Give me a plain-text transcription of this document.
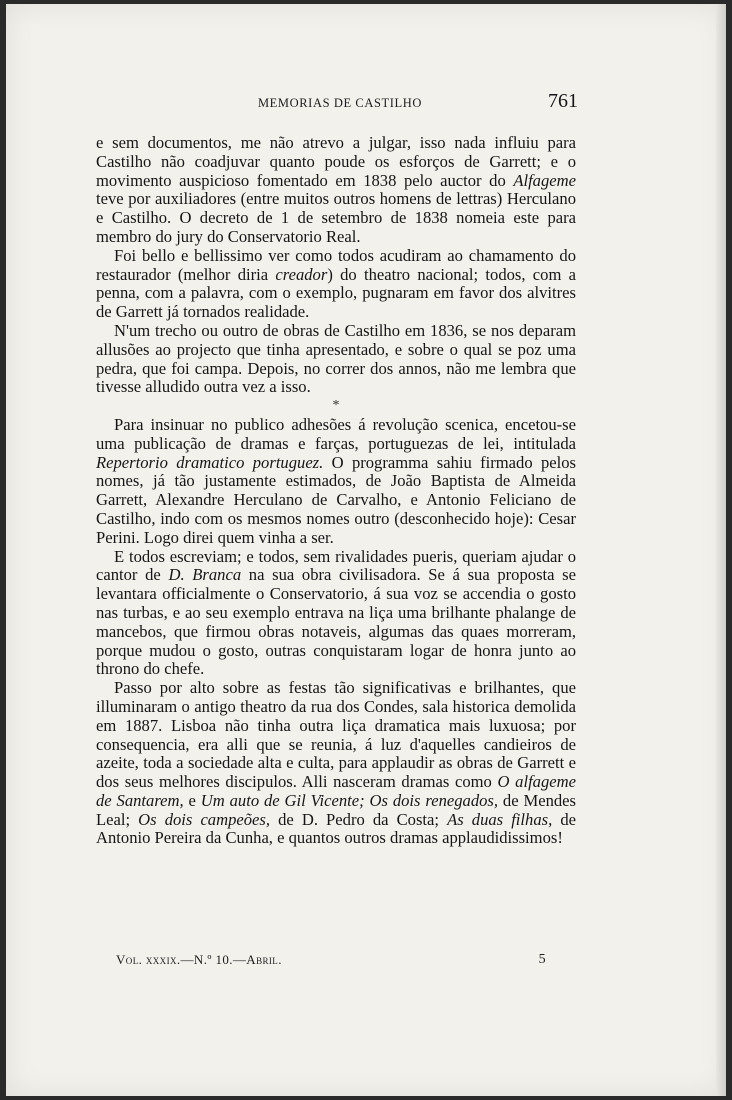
MEMORIAS DE CASTILHO	761

e sem documentos, me não atrevo a julgar, isso nada influiu para Castilho não coadjuvar quanto poude os esforços de Garrett; e o movimento auspicioso fomentado em 1838 pelo auctor do Alfageme teve por auxiliadores (entre muitos outros homens de lettras) Herculano e Castilho. O decreto de 1 de setembro de 1838 nomeia este para membro do jury do Conservatorio Real.

Foi bello e bellissimo ver como todos acudiram ao chamamento do restaurador (melhor diria creador) do theatro nacional; todos, com a penna, com a palavra, com o exemplo, pugnaram em favor dos alvitres de Garrett já tornados realidade.

N'um trecho ou outro de obras de Castilho em 1836, se nos deparam allusões ao projecto que tinha apresentado, e sobre o qual se poz uma pedra, que foi campa. Depois, no correr dos annos, não me lembra que tivesse alludido outra vez a isso.

*

Para insinuar no publico adhesões á revolução scenica, encetou-se uma publicação de dramas e farças, portuguezas de lei, intitulada Repertorio dramatico portuguez. O programma sahiu firmado pelos nomes, já tão justamente estimados, de João Baptista de Almeida Garrett, Alexandre Herculano de Carvalho, e Antonio Feliciano de Castilho, indo com os mesmos nomes outro (desconhecido hoje): Cesar Perini. Logo direi quem vinha a ser.

E todos escreviam; e todos, sem rivalidades pueris, queriam ajudar o cantor de D. Branca na sua obra civilisadora. Se á sua proposta se levantara officialmente o Conservatorio, á sua voz se accendia o gosto nas turbas, e ao seu exemplo entrava na liça uma brilhante phalange de mancebos, que firmou obras notaveis, algumas das quaes morreram, porque mudou o gosto, outras conquistaram logar de honra junto ao throno do chefe.

Passo por alto sobre as festas tão significativas e brilhantes, que illuminaram o antigo theatro da rua dos Condes, sala historica demolida em 1887. Lisboa não tinha outra liça dramatica mais luxuosa; por consequencia, era alli que se reunia, á luz d'aquelles candieiros de azeite, toda a sociedade alta e culta, para applaudir as obras de Garrett e dos seus melhores discipulos. Alli nasceram dramas como O alfageme de Santarem, e Um auto de Gil Vicente; Os dois renegados, de Mendes Leal; Os dois campeões, de D. Pedro da Costa; As duas filhas, de Antonio Pereira da Cunha, e quantos outros dramas applaudidissimos!

Vol. xxxix.—N.º 10.—Abril.	5
